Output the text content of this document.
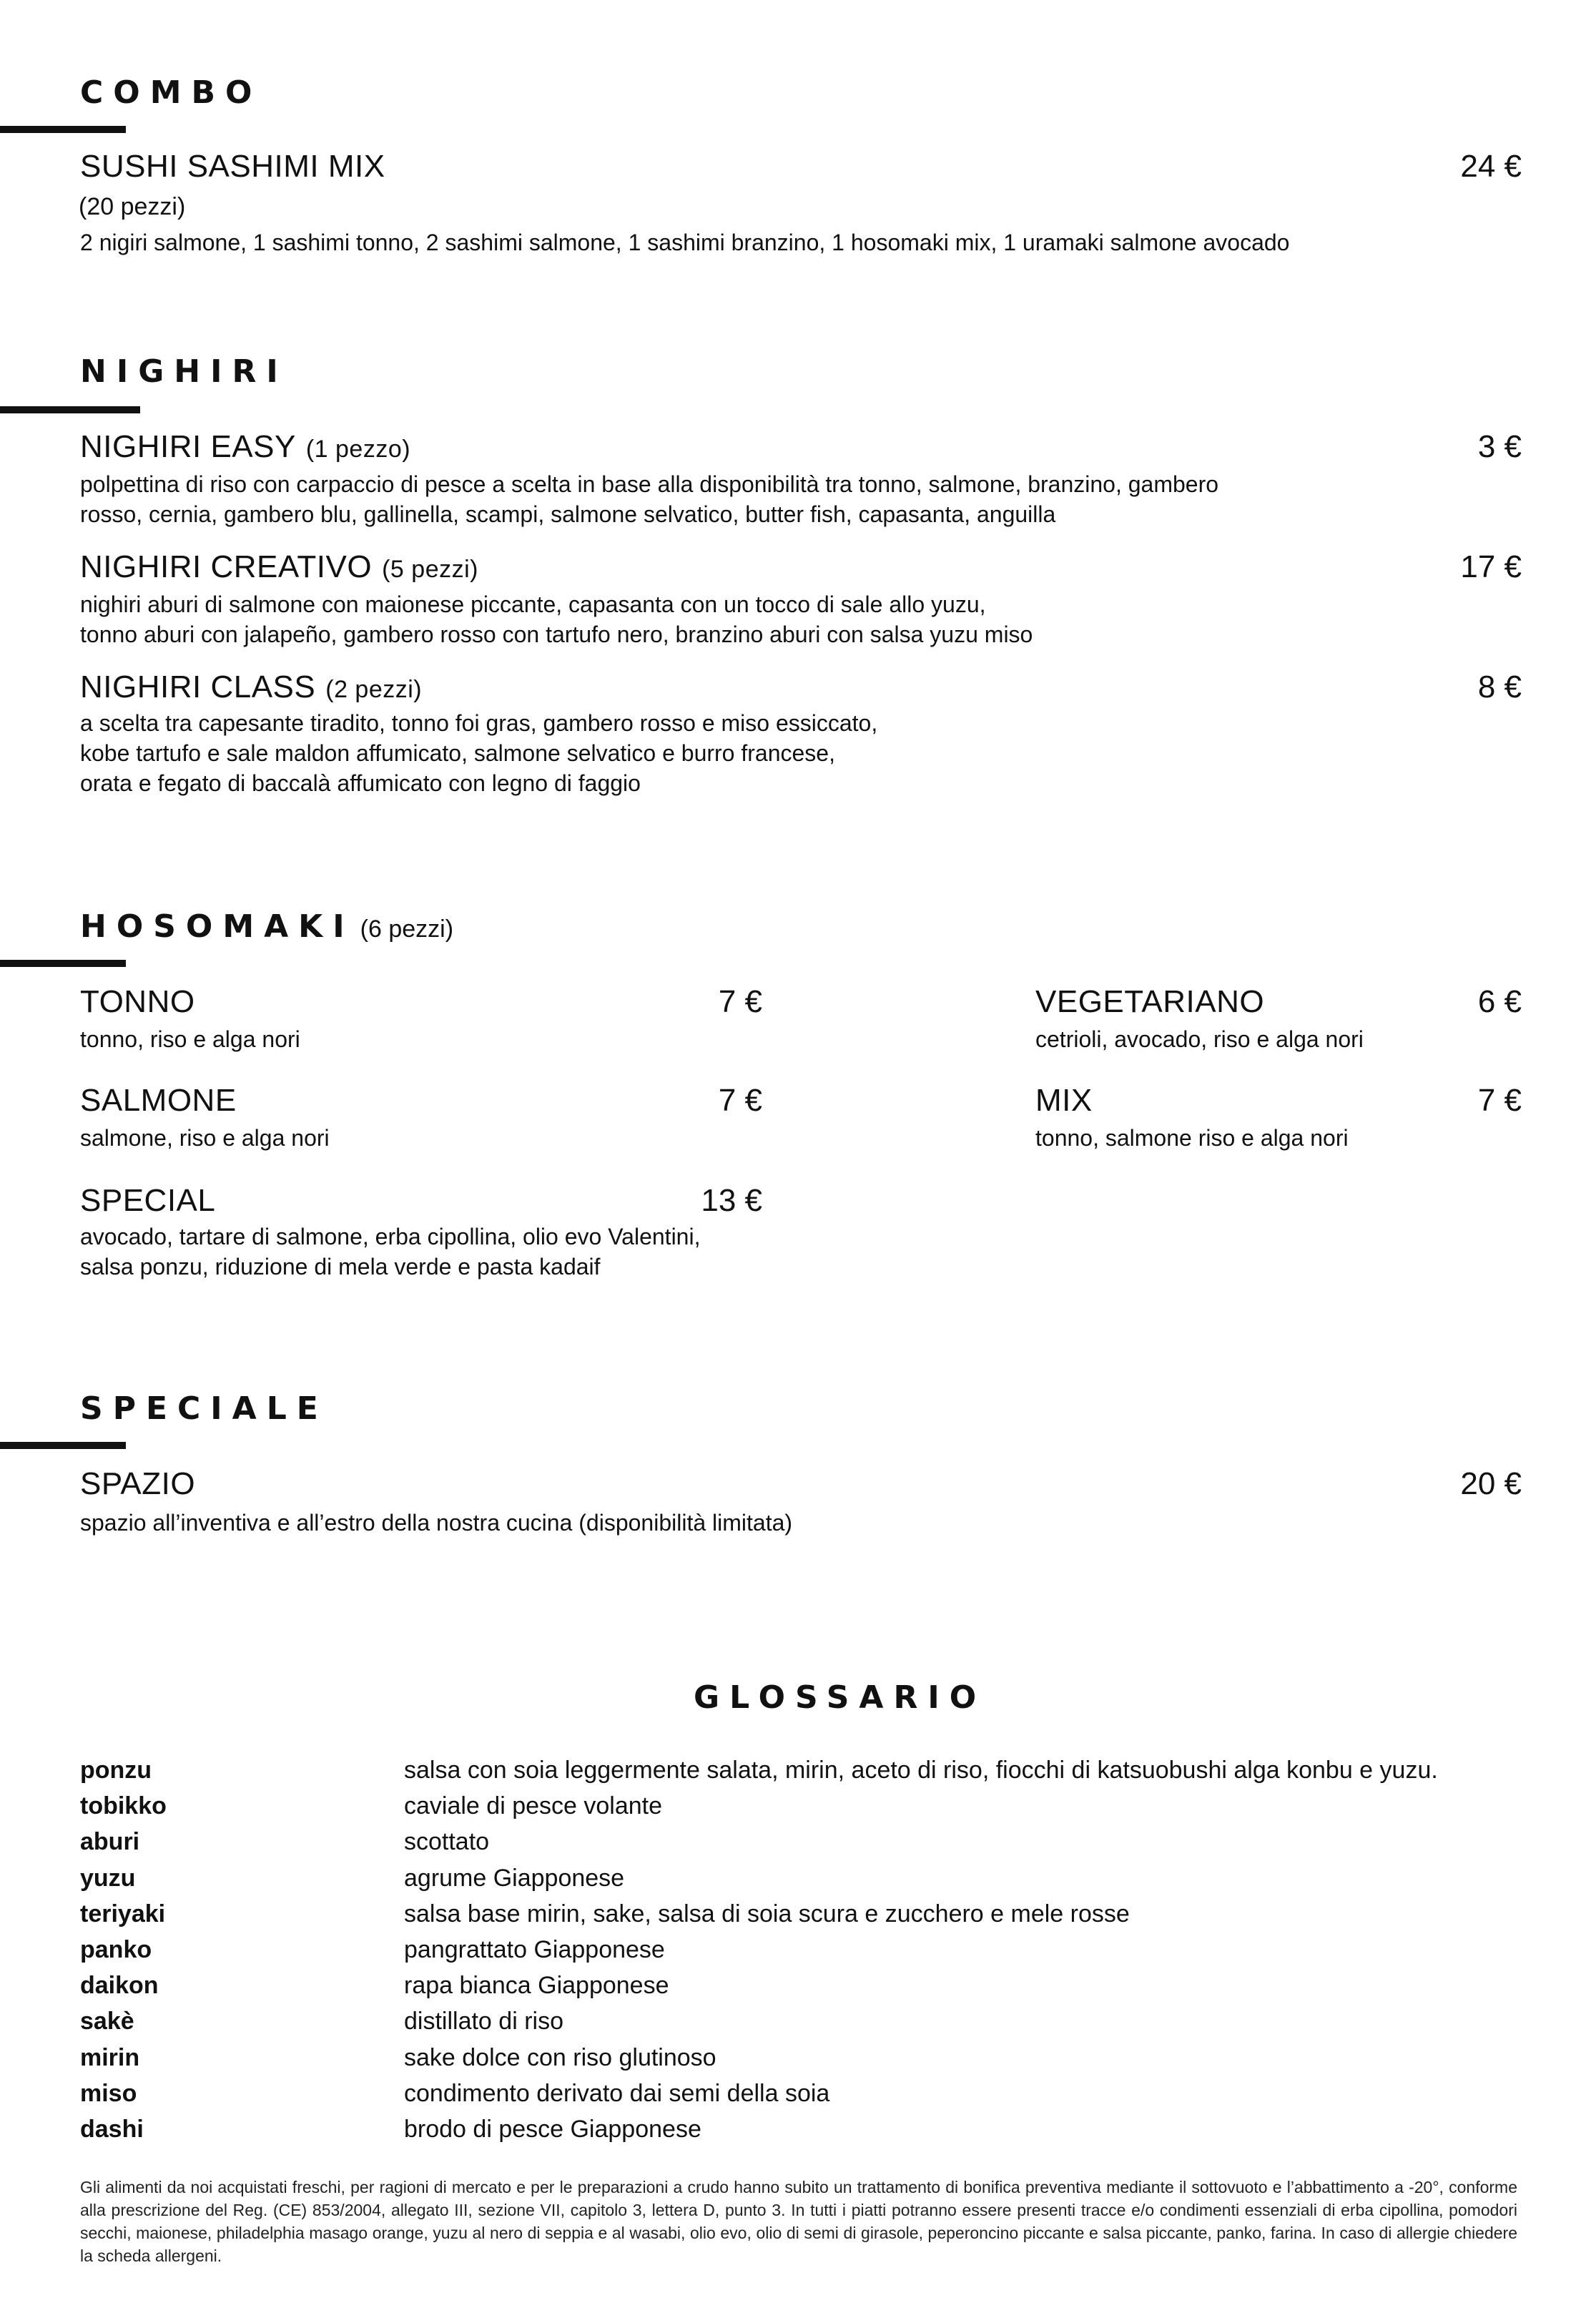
COMBO
SUSHI SASHIMI MIX	24 €
(20 pezzi)
2 nigiri salmone, 1 sashimi tonno, 2 sashimi salmone, 1 sashimi branzino, 1 hosomaki mix, 1 uramaki salmone avocado
NIGHIRI
NIGHIRI EASY (1 pezzo)	3 €
polpettina di riso con carpaccio di pesce a scelta in base alla disponibilità tra tonno, salmone, branzino, gambero
rosso, cernia, gambero blu, gallinella, scampi, salmone selvatico, butter fish, capasanta, anguilla
NIGHIRI CREATIVO (5 pezzi)	17 €
nighiri aburi di salmone con maionese piccante, capasanta con un tocco di sale allo yuzu,
tonno aburi con jalapeño, gambero rosso con tartufo nero, branzino aburi con salsa yuzu miso
NIGHIRI CLASS (2 pezzi)	8 €
a scelta tra capesante tiradito, tonno foi gras, gambero rosso e miso essiccato,
kobe tartufo e sale maldon affumicato, salmone selvatico e burro francese,
orata e fegato di baccalà affumicato con legno di faggio
HOSOMAKI (6 pezzi)
TONNO	7 €
tonno, riso e alga nori
SALMONE	7 €
salmone, riso e alga nori
SPECIAL	13 €
avocado, tartare di salmone, erba cipollina, olio evo Valentini,
salsa ponzu, riduzione di mela verde e pasta kadaif
VEGETARIANO	6 €
cetrioli, avocado, riso e alga nori
MIX	7 €
tonno, salmone riso e alga nori
SPECIALE
SPAZIO	20 €
spazio all’inventiva e all’estro della nostra cucina (disponibilità limitata)
GLOSSARIO
ponzu	salsa con soia leggermente salata, mirin, aceto di riso, fiocchi di katsuobushi alga konbu e yuzu.
tobikko	caviale di pesce volante
aburi	scottato
yuzu	agrume Giapponese
teriyaki	salsa base mirin, sake, salsa di soia scura e zucchero e mele rosse
panko	pangrattato Giapponese
daikon	rapa bianca Giapponese
sakè	distillato di riso
mirin	sake dolce con riso glutinoso
miso	condimento derivato dai semi della soia
dashi	brodo di pesce Giapponese
Gli alimenti da noi acquistati freschi, per ragioni di mercato e per le preparazioni a crudo hanno subito un trattamento di bonifica preventiva mediante il sottovuoto e l’abbattimento a -20°, conforme alla prescrizione del Reg. (CE) 853/2004, allegato III, sezione VII, capitolo 3, lettera D, punto 3. In tutti i piatti potranno essere presenti tracce e/o condimenti essenziali di erba cipollina, pomodori secchi, maionese, philadelphia masago orange, yuzu al nero di seppia e al wasabi, olio evo, olio di semi di girasole, peperoncino piccante e salsa piccante, panko, farina. In caso di allergie chiedere la scheda allergeni.
